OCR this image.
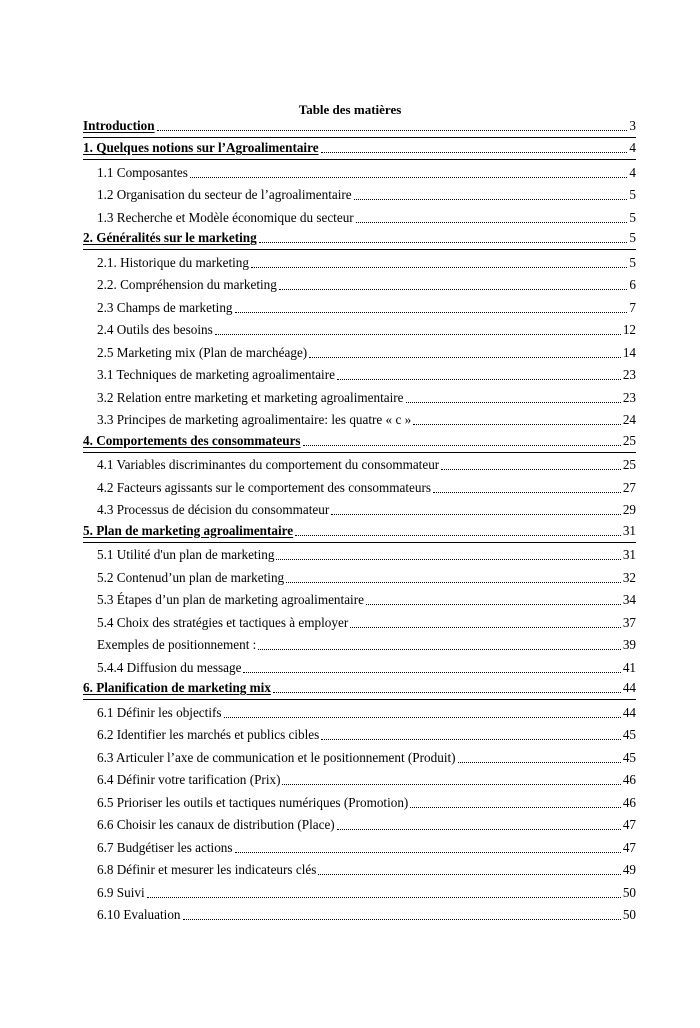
Table des matières
Introduction	3
1. Quelques notions sur l’Agroalimentaire	4
1.1 Composantes	4
1.2 Organisation du secteur de l’agroalimentaire	5
1.3 Recherche et Modèle économique du secteur	5
2. Généralités sur le marketing	5
2.1. Historique du marketing	5
2.2. Compréhension du marketing	6
2.3 Champs de marketing	7
2.4 Outils des besoins	12
2.5 Marketing mix (Plan de marchéage)	14
3.1 Techniques de marketing agroalimentaire	23
3.2 Relation entre marketing et marketing agroalimentaire	23
3.3 Principes de marketing agroalimentaire: les quatre « c »	24
4. Comportements des consommateurs	25
4.1 Variables discriminantes du comportement du consommateur	25
4.2 Facteurs agissants sur le comportement des consommateurs	27
4.3 Processus de décision du consommateur	29
5. Plan de marketing agroalimentaire	31
5.1 Utilité d'un plan de marketing	31
5.2 Contenud’un plan de marketing	32
5.3 Étapes d’un plan de marketing agroalimentaire	34
5.4 Choix des stratégies et tactiques à employer	37
Exemples de positionnement :	39
5.4.4 Diffusion du message	41
6. Planification de marketing mix	44
6.1 Définir les objectifs	44
6.2 Identifier les marchés et publics cibles	45
6.3 Articuler l’axe de communication et le positionnement (Produit)	45
6.4 Définir votre tarification (Prix)	46
6.5 Prioriser les outils et tactiques numériques (Promotion)	46
6.6 Choisir les canaux de distribution (Place)	47
6.7 Budgétiser les actions	47
6.8 Définir et mesurer les indicateurs clés	49
6.9 Suivi	50
6.10 Evaluation	50
